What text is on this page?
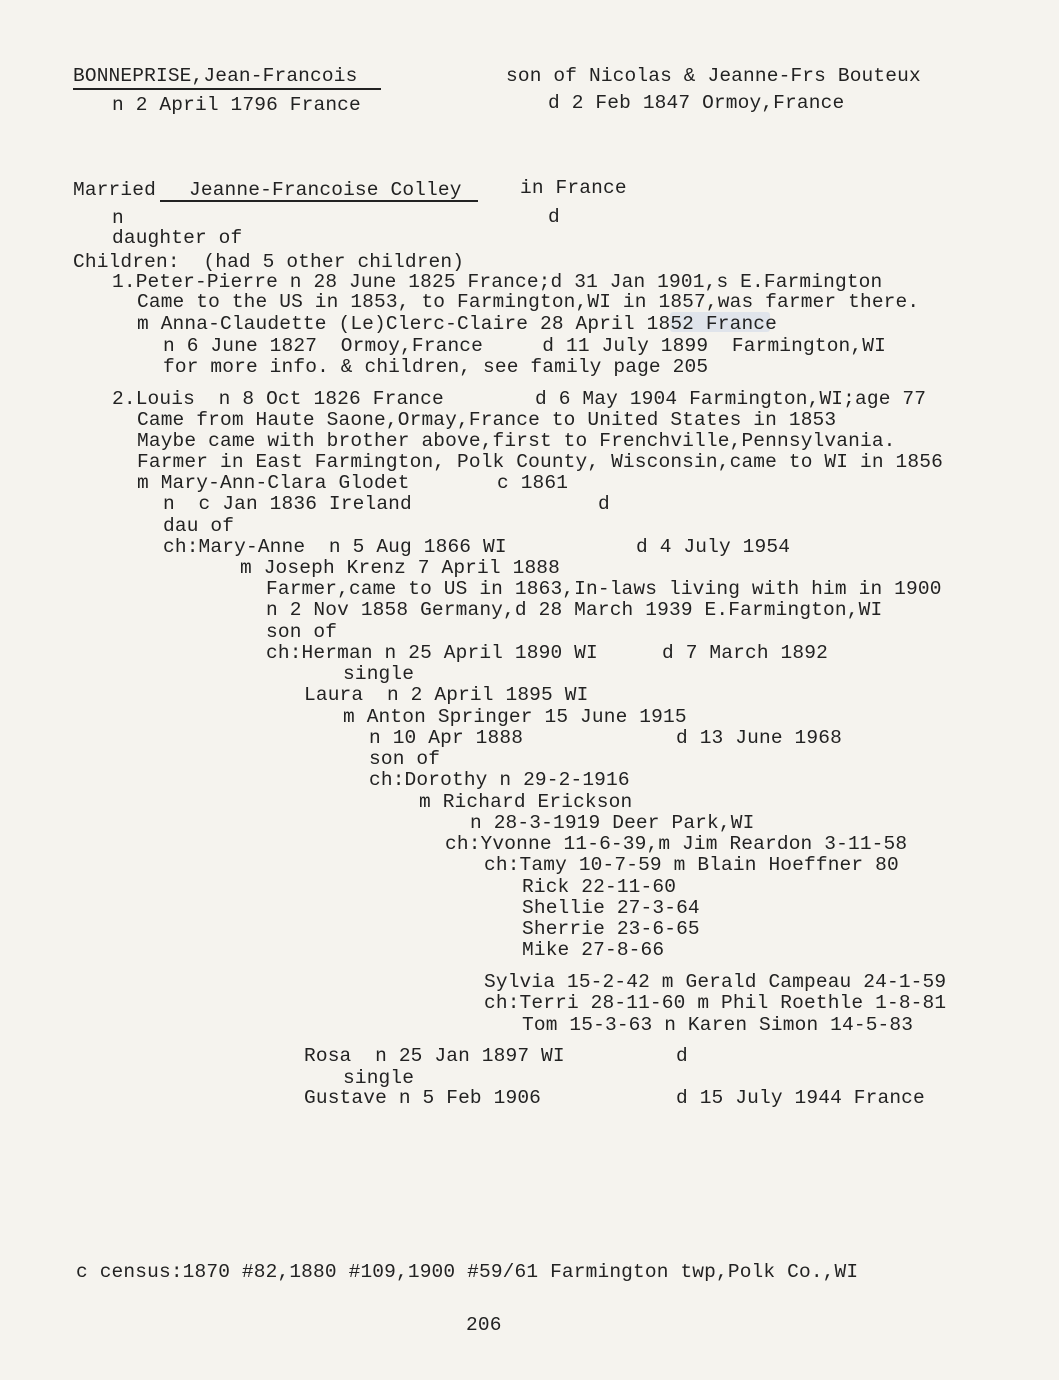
BONNEPRISE,Jean-Francois	son of Nicolas & Jeanne-Frs Bouteux
n 2 April 1796 France	d 2 Feb 1847 Ormoy,France
Married Jeanne-Francoise Colley	in France
n	d
daughter of
Children:  (had 5 other children)
1.Peter-Pierre n 28 June 1825 France;d 31 Jan 1901,s E.Farmington
Came to the US in 1853, to Farmington,WI in 1857,was farmer there.
m Anna-Claudette (Le)Clerc-Claire 28 April 1852 France
n 6 June 1827  Ormoy,France     d 11 July 1899  Farmington,WI
for more info. & children, see family page 205
2.Louis  n 8 Oct 1826 France	d 6 May 1904 Farmington,WI;age 77
Came from Haute Saone,Ormay,France to United States in 1853
Maybe came with brother above,first to Frenchville,Pennsylvania.
Farmer in East Farmington, Polk County, Wisconsin,came to WI in 1856
m Mary-Ann-Clara Glodet	c 1861
n  c Jan 1836 Ireland	d
dau of
ch:Mary-Anne  n 5 Aug 1866 WI	d 4 July 1954
m Joseph Krenz 7 April 1888
Farmer,came to US in 1863,In-laws living with him in 1900
n 2 Nov 1858 Germany,d 28 March 1939 E.Farmington,WI
son of
ch:Herman n 25 April 1890 WI	d 7 March 1892
single
Laura  n 2 April 1895 WI
m Anton Springer 15 June 1915
n 10 Apr 1888	d 13 June 1968
son of
ch:Dorothy n 29-2-1916
m Richard Erickson
n 28-3-1919 Deer Park,WI
ch:Yvonne 11-6-39,m Jim Reardon 3-11-58
ch:Tamy 10-7-59 m Blain Hoeffner 80
Rick 22-11-60
Shellie 27-3-64
Sherrie 23-6-65
Mike 27-8-66
Sylvia 15-2-42 m Gerald Campeau 24-1-59
ch:Terri 28-11-60 m Phil Roethle 1-8-81
Tom 15-3-63 n Karen Simon 14-5-83
Rosa  n 25 Jan 1897 WI	d
single
Gustave n 5 Feb 1906	d 15 July 1944 France
c census:1870 #82,1880 #109,1900 #59/61 Farmington twp,Polk Co.,WI
206
